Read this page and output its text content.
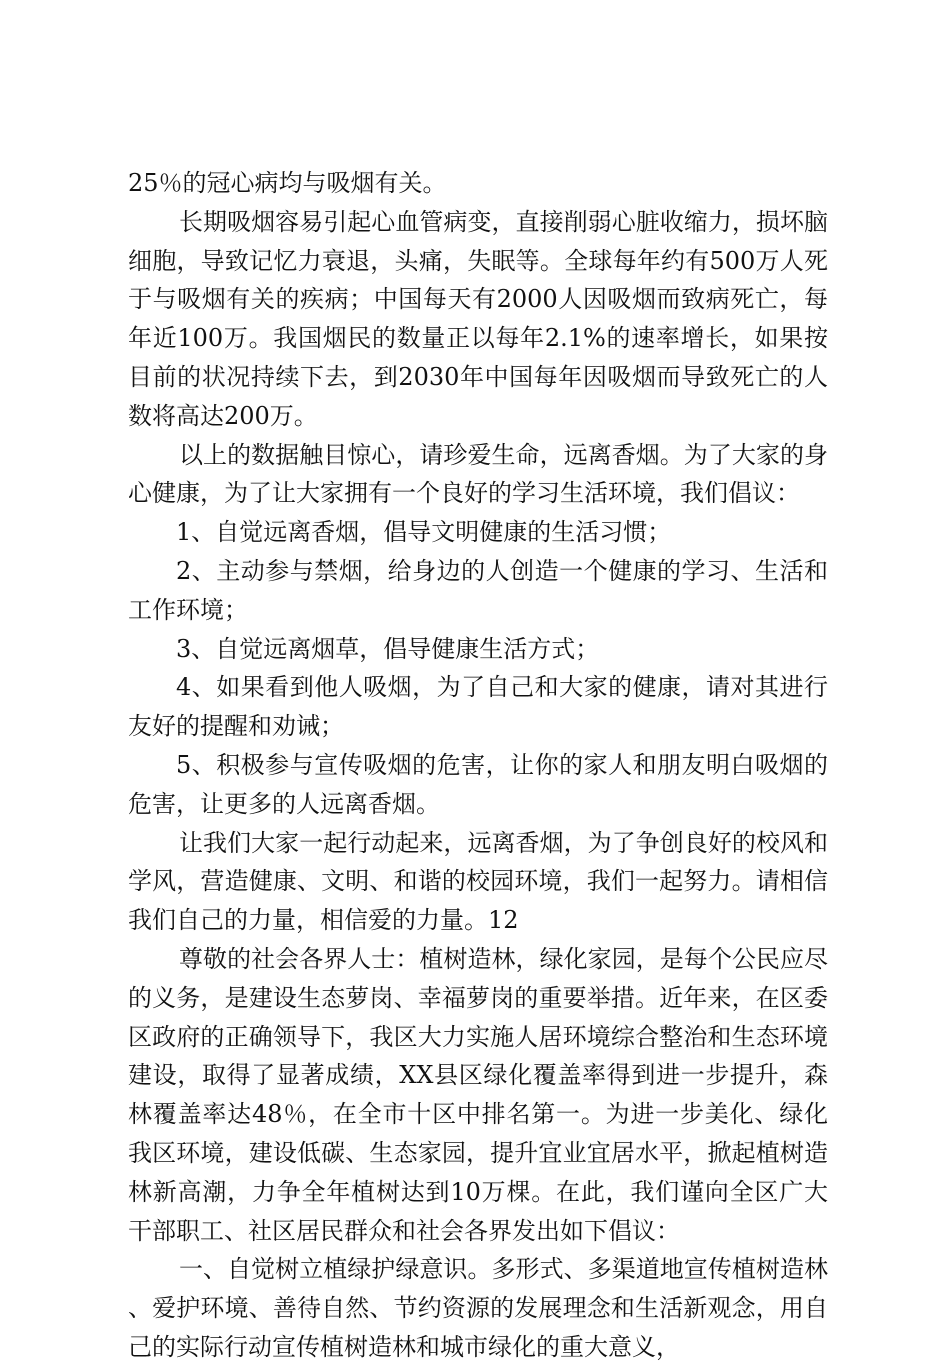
25％的冠心病均与吸烟有关。

长期吸烟容易引起心血管病变，直接削弱心脏收缩力，损坏脑细胞，导致记忆力衰退，头痛，失眠等。全球每年约有500万人死于与吸烟有关的疾病；中国每天有2000人因吸烟而致病死亡，每年近100万。我国烟民的数量正以每年2.1%的速率增长，如果按目前的状况持续下去，到2030年中国每年因吸烟而导致死亡的人数将高达200万。

以上的数据触目惊心，请珍爱生命，远离香烟。为了大家的身心健康，为了让大家拥有一个良好的学习生活环境，我们倡议：

1、自觉远离香烟，倡导文明健康的生活习惯；

2、主动参与禁烟，给身边的人创造一个健康的学习、生活和工作环境；

3、自觉远离烟草，倡导健康生活方式；

4、如果看到他人吸烟，为了自己和大家的健康，请对其进行友好的提醒和劝诫；

5、积极参与宣传吸烟的危害，让你的家人和朋友明白吸烟的危害，让更多的人远离香烟。

让我们大家一起行动起来，远离香烟，为了争创良好的校风和学风，营造健康、文明、和谐的校园环境，我们一起努力。请相信我们自己的力量，相信爱的力量。12

尊敬的社会各界人士：植树造林，绿化家园，是每个公民应尽的义务，是建设生态萝岗、幸福萝岗的重要举措。近年来，在区委区政府的正确领导下，我区大力实施人居环境综合整治和生态环境建设，取得了显著成绩，XX县区绿化覆盖率得到进一步提升，森林覆盖率达48％，在全市十区中排名第一。为进一步美化、绿化我区环境，建设低碳、生态家园，提升宜业宜居水平，掀起植树造林新高潮，力争全年植树达到10万棵。在此，我们谨向全区广大干部职工、社区居民群众和社会各界发出如下倡议：

一、自觉树立植绿护绿意识。多形式、多渠道地宣传植树造林、爱护环境、善待自然、节约资源的发展理念和生活新观念，用自己的实际行动宣传植树造林和城市绿化的重大意义，
